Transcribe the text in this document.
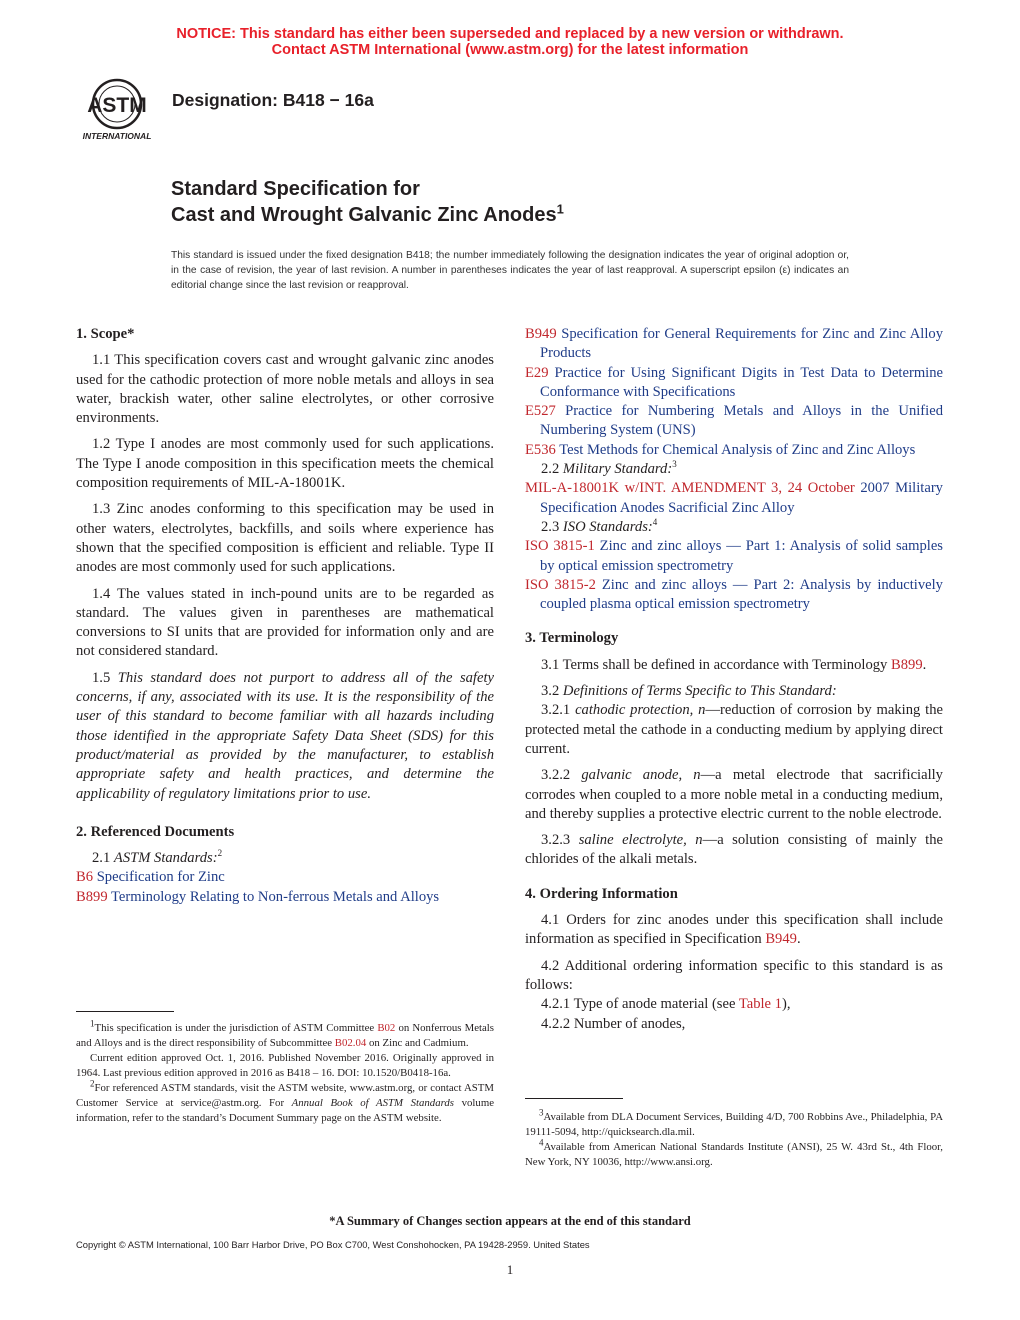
NOTICE: This standard has either been superseded and replaced by a new version or withdrawn.
Contact ASTM International (www.astm.org) for the latest information
ASTM
INTERNATIONAL
Designation: B418 − 16a
Standard Specification for
Cast and Wrought Galvanic Zinc Anodes$^1$
This standard is issued under the fixed designation B418; the number immediately following the designation indicates the year of original adoption or, in the case of revision, the year of last revision. A number in parentheses indicates the year of last reapproval. A superscript epsilon (ε) indicates an editorial change since the last revision or reapproval.

1. Scope*

1.1 This specification covers cast and wrought galvanic zinc anodes used for the cathodic protection of more noble metals and alloys in sea water, brackish water, other saline electrolytes, or other corrosive environments.

1.2 Type I anodes are most commonly used for such applications. The Type I anode composition in this specification meets the chemical composition requirements of MIL-A-18001K.

1.3 Zinc anodes conforming to this specification may be used in other waters, electrolytes, backfills, and soils where experience has shown that the specified composition is efficient and reliable. Type II anodes are most commonly used for such applications.

1.4 The values stated in inch-pound units are to be regarded as standard. The values given in parentheses are mathematical conversions to SI units that are provided for information only and are not considered standard.

1.5 This standard does not purport to address all of the safety concerns, if any, associated with its use. It is the responsibility of the user of this standard to become familiar with all hazards including those identified in the appropriate Safety Data Sheet (SDS) for this product/material as provided by the manufacturer, to establish appropriate safety and health practices, and determine the applicability of regulatory limitations prior to use.

2. Referenced Documents

2.1 ASTM Standards:$^2$

B6 Specification for Zinc

B899 Terminology Relating to Non-ferrous Metals and Alloys

B949 Specification for General Requirements for Zinc and Zinc Alloy Products

E29 Practice for Using Significant Digits in Test Data to Determine Conformance with Specifications

E527 Practice for Numbering Metals and Alloys in the Unified Numbering System (UNS)

E536 Test Methods for Chemical Analysis of Zinc and Zinc Alloys

2.2 Military Standard:$^3$

MIL-A-18001K w/INT. AMENDMENT 3, 24 October 2007 Military Specification Anodes Sacrificial Zinc Alloy

2.3 ISO Standards:$^4$

ISO 3815-1 Zinc and zinc alloys — Part 1: Analysis of solid samples by optical emission spectrometry

ISO 3815-2 Zinc and zinc alloys — Part 2: Analysis by inductively coupled plasma optical emission spectrometry

3. Terminology

3.1 Terms shall be defined in accordance with Terminology B899.

3.2 Definitions of Terms Specific to This Standard:

3.2.1 cathodic protection, n—reduction of corrosion by making the protected metal the cathode in a conducting medium by applying direct current.

3.2.2 galvanic anode, n—a metal electrode that sacrificially corrodes when coupled to a more noble metal in a conducting medium, and thereby supplies a protective electric current to the noble electrode.

3.2.3 saline electrolyte, n—a solution consisting of mainly the chlorides of the alkali metals.

4. Ordering Information

4.1 Orders for zinc anodes under this specification shall include information as specified in Specification B949.

4.2 Additional ordering information specific to this standard is as follows:

4.2.1 Type of anode material (see Table 1),

4.2.2 Number of anodes,

$^1$This specification is under the jurisdiction of ASTM Committee B02 on Nonferrous Metals and Alloys and is the direct responsibility of Subcommittee B02.04 on Zinc and Cadmium.

Current edition approved Oct. 1, 2016. Published November 2016. Originally approved in 1964. Last previous edition approved in 2016 as B418 – 16. DOI: 10.1520/B0418-16a.

$^2$For referenced ASTM standards, visit the ASTM website, www.astm.org, or contact ASTM Customer Service at service@astm.org. For Annual Book of ASTM Standards volume information, refer to the standard’s Document Summary page on the ASTM website.	$^3$Available from DLA Document Services, Building 4/D, 700 Robbins Ave., Philadelphia, PA 19111-5094, http://quicksearch.dla.mil.

$^4$Available from American National Standards Institute (ANSI), 25 W. 43rd St., 4th Floor, New York, NY 10036, http://www.ansi.org.

*A Summary of Changes section appears at the end of this standard
Copyright © ASTM International, 100 Barr Harbor Drive, PO Box C700, West Conshohocken, PA 19428-2959. United States
1
